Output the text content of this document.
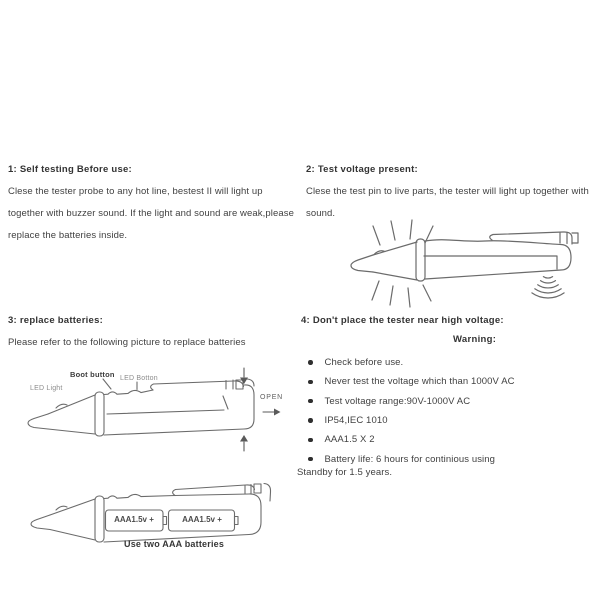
1: Self testing Before use:
Clese the tester probe to any hot line, bestest II will light up
together with buzzer sound. If the light and sound are weak,please
replace the batteries inside.
2: Test voltage present:
Clese the test pin to live parts, the tester will light up together with
sound.
3: replace batteries:
Please refer to the following picture to replace batteries
4: Don't place the tester near high voltage:
Warning:
Check before use.
Never test the voltage which than 1000V AC
Test voltage range:90V-1000V AC
IP54,IEC 1010
AAA1.5 X 2
Battery life: 6 hours for continious using
Standby for 1.5 years.
Boot button LED Botton
LED Light
OPEN
AAA1.5v +	AAA1.5v +
Use two AAA batteries
